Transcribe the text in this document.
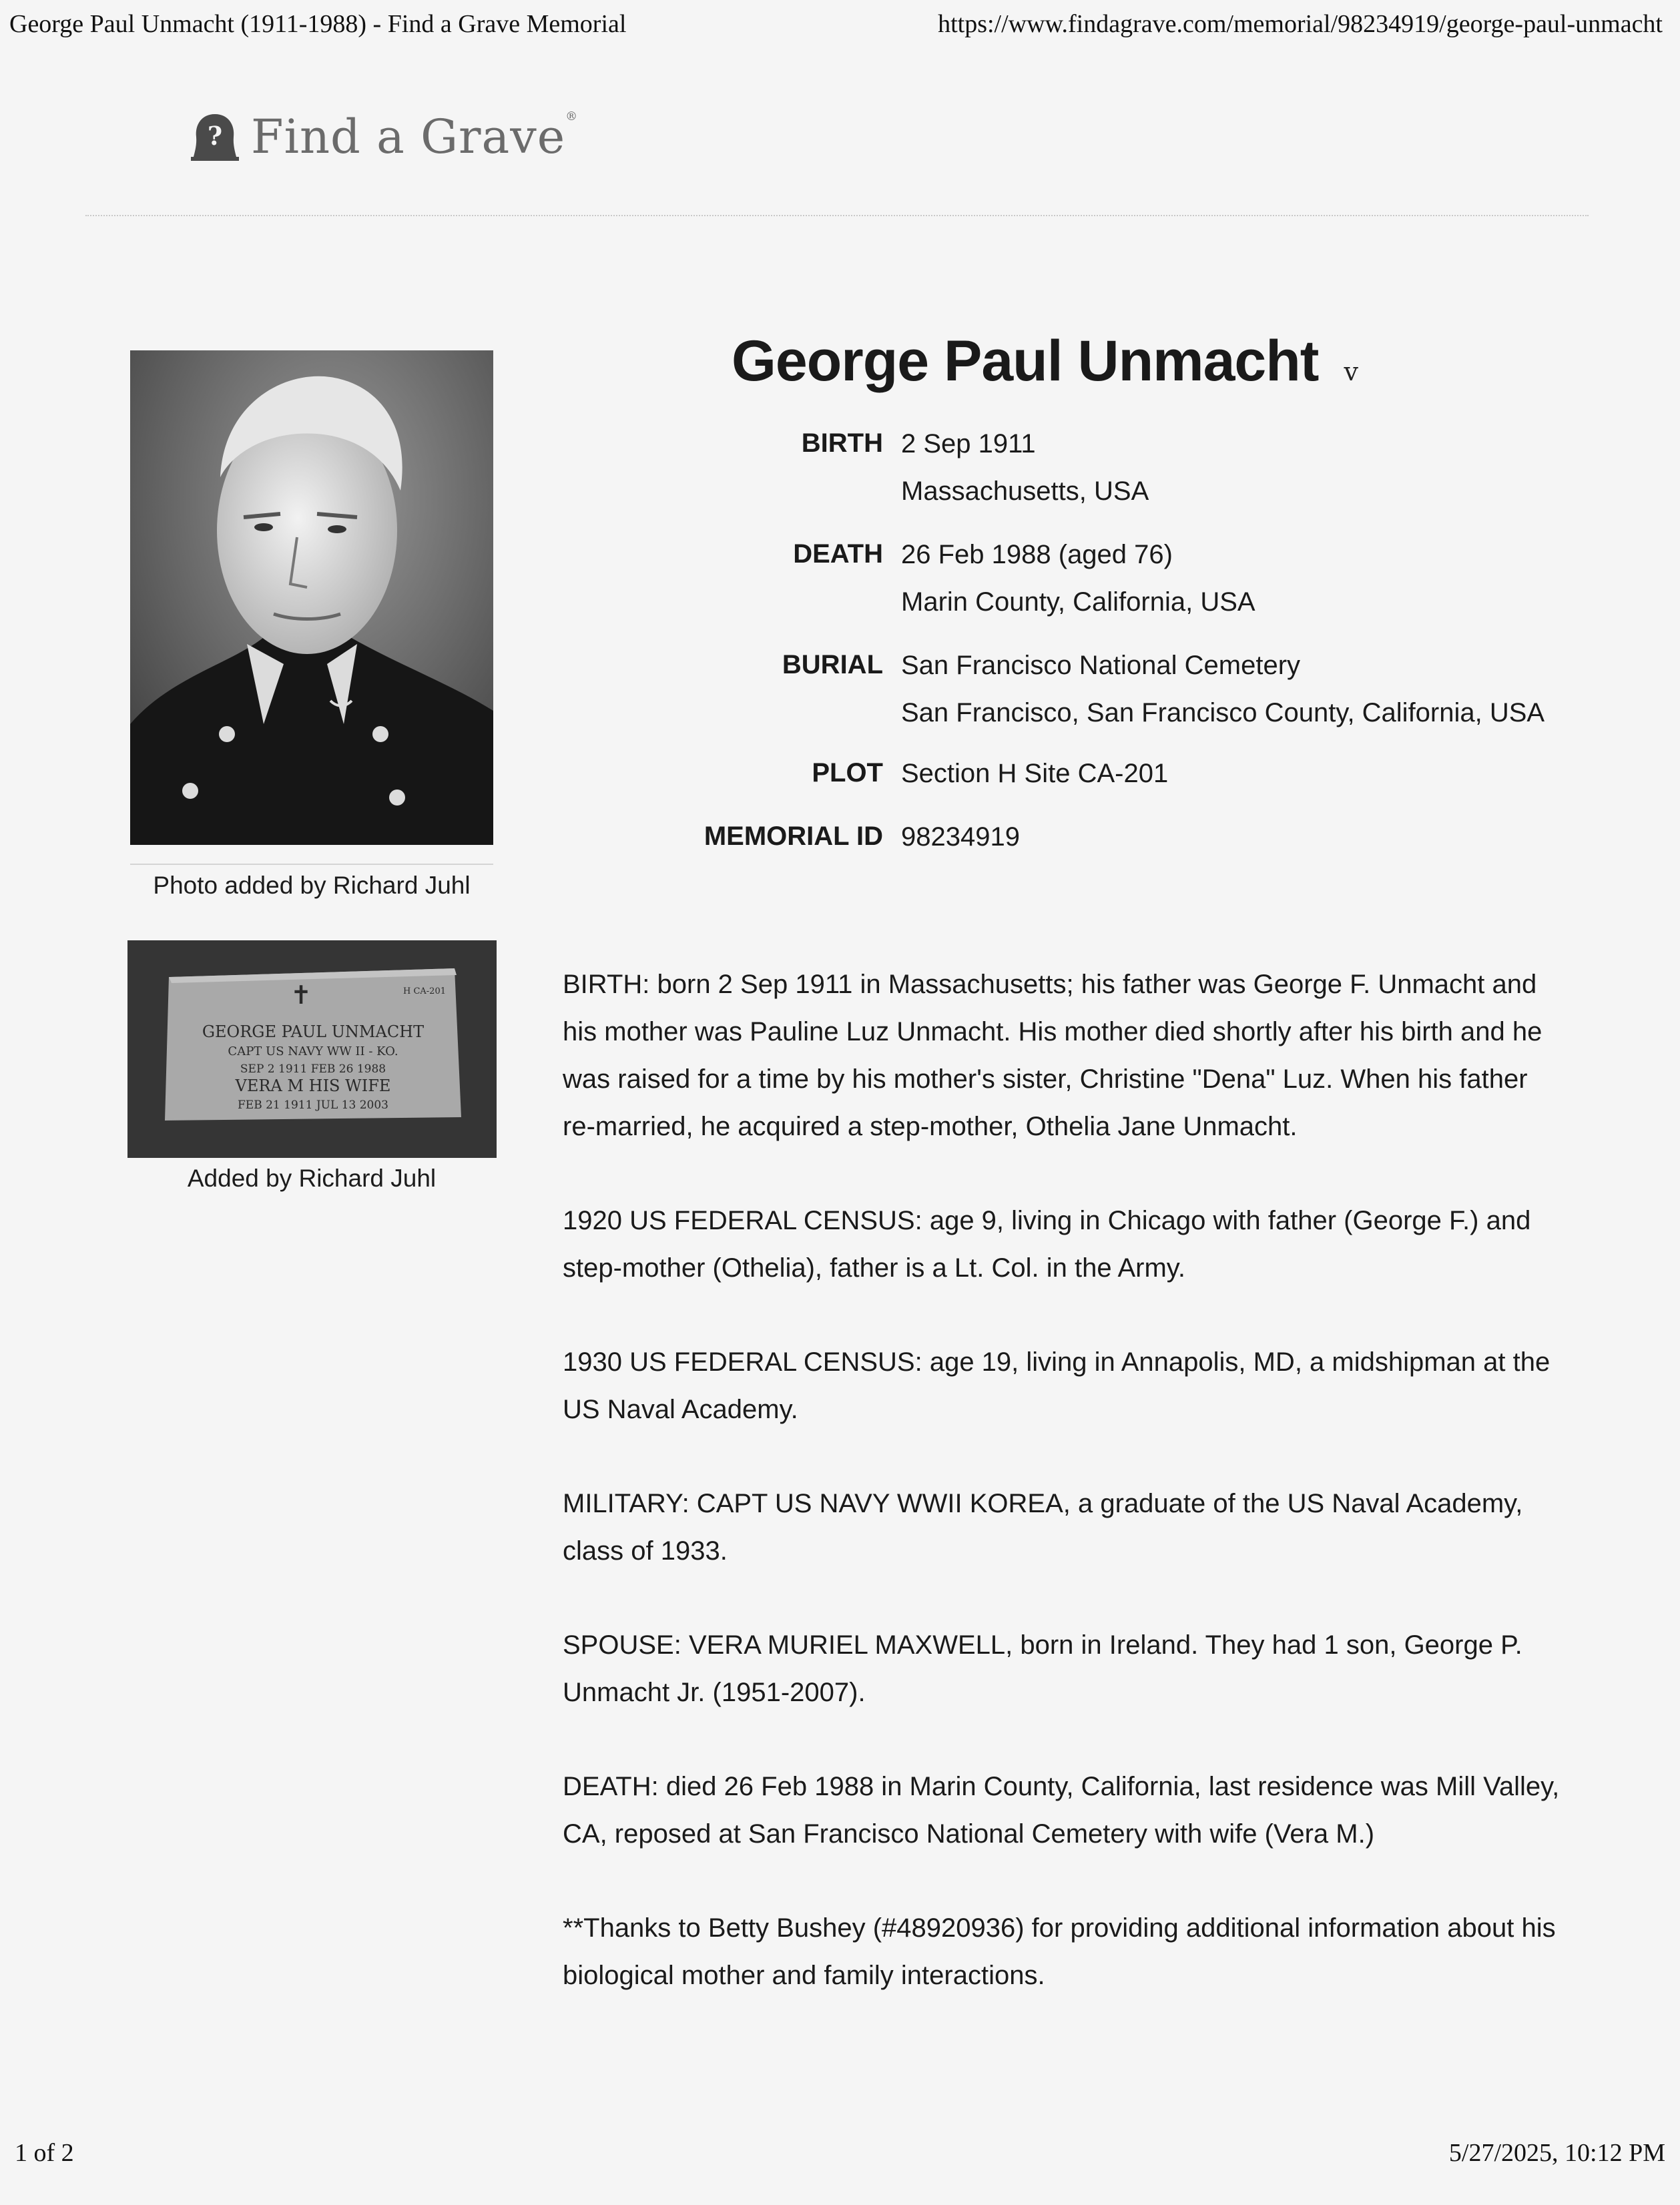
George Paul Unmacht (1911-1988) - Find a Grave Memorial	https://www.findagrave.com/memorial/98234919/george-paul-unmacht
? Find a Grave®
Photo added by Richard Juhl
✝	H CA-201
GEORGE PAUL UNMACHT
CAPT US NAVY WW II - KO.
SEP 2 1911 FEB 26 1988
VERA M HIS WIFE
FEB 21 1911 JUL 13 2003
Added by Richard Juhl
George Paul Unmacht v
BIRTH 2 Sep 1911
Massachusetts, USA
DEATH 26 Feb 1988 (aged 76)
Marin County, California, USA
BURIAL San Francisco National Cemetery
San Francisco, San Francisco County, California, USA
PLOT Section H Site CA-201
MEMORIAL ID 98234919

BIRTH: born 2 Sep 1911 in Massachusetts; his father was George F. Unmacht and his mother was Pauline Luz Unmacht. His mother died shortly after his birth and he was raised for a time by his mother's sister, Christine "Dena" Luz. When his father re-married, he acquired a step-mother, Othelia Jane Unmacht.

1920 US FEDERAL CENSUS: age 9, living in Chicago with father (George F.) and step-mother (Othelia), father is a Lt. Col. in the Army.

1930 US FEDERAL CENSUS: age 19, living in Annapolis, MD, a midshipman at the US Naval Academy.

MILITARY: CAPT US NAVY WWII KOREA, a graduate of the US Naval Academy, class of 1933.

SPOUSE: VERA MURIEL MAXWELL, born in Ireland. They had 1 son, George P. Unmacht Jr. (1951-2007).

DEATH: died 26 Feb 1988 in Marin County, California, last residence was Mill Valley, CA, reposed at San Francisco National Cemetery with wife (Vera M.)

**Thanks to Betty Bushey (#48920936) for providing additional information about his biological mother and family interactions.

1 of 2	5/27/2025, 10:12 PM
